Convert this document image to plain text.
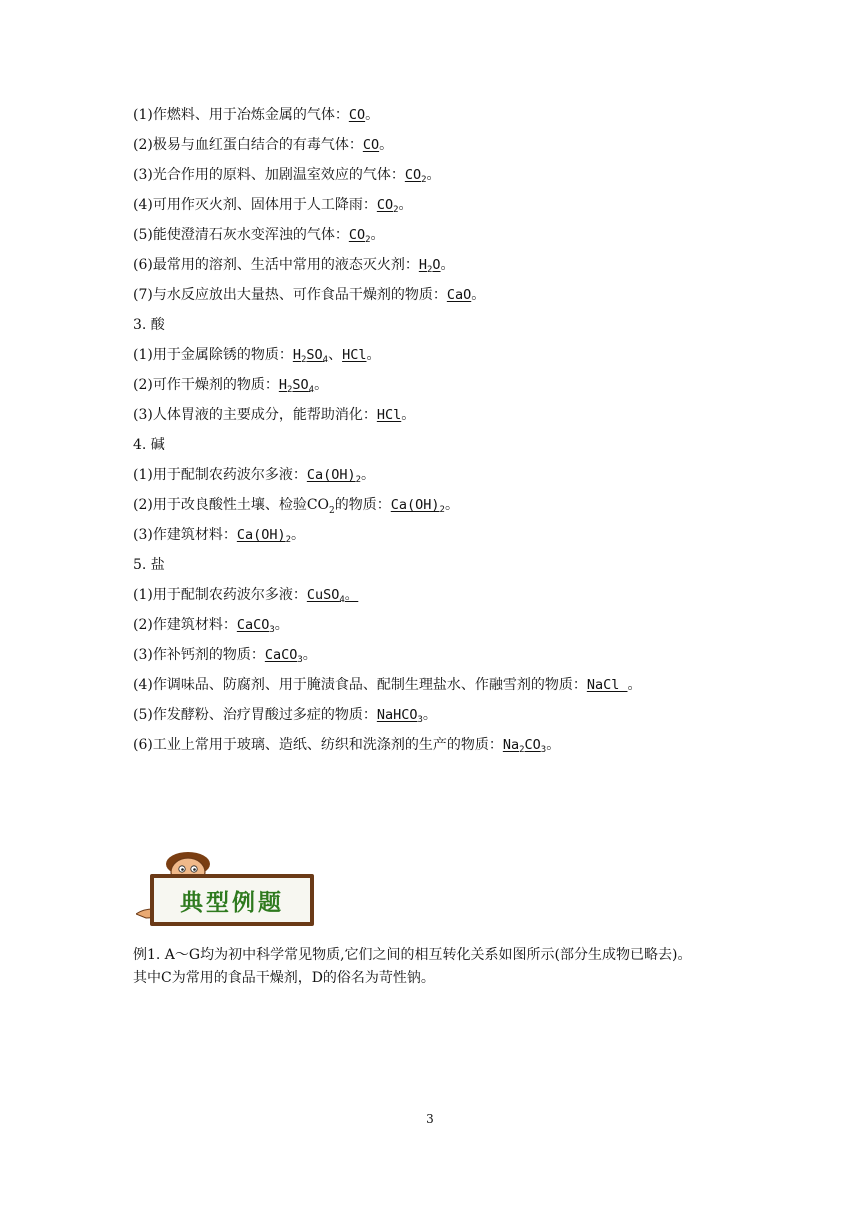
(1)作燃料、用于冶炼金属的气体：CO。
(2)极易与血红蛋白结合的有毒气体：CO。
(3)光合作用的原料、加剧温室效应的气体：$CO_2$。
(4)可用作灭火剂、固体用于人工降雨：$CO_2$。
(5)能使澄清石灰水变浑浊的气体：$CO_2$。
(6)最常用的溶剂、生活中常用的液态灭火剂：$H_2O$。
(7)与水反应放出大量热、可作食品干燥剂的物质：CaO。
3. 酸
(1)用于金属除锈的物质：$H_2SO_4$、HCl。
(2)可作干燥剂的物质：$H_2SO_4$。
(3)人体胃液的主要成分，能帮助消化：HCl。
4. 碱
(1)用于配制农药波尔多液：$Ca(OH)_2$。
(2)用于改良酸性土壤、检验$CO_2$的物质：$Ca(OH)_2$。
(3)作建筑材料：$Ca(OH)_2$。
5. 盐
(1)用于配制农药波尔多液：CuSO$_4$。
(2)作建筑材料：CaCO$_3$。
(3)作补钙剂的物质：CaCO$_3$。
(4)作调味品、防腐剂、用于腌渍食品、配制生理盐水、作融雪剂的物质：NaCl 。
(5)作发酵粉、治疗胃酸过多症的物质：NaHCO$_3$。
(6)工业上常用于玻璃、造纸、纺织和洗涤剂的生产的物质：$Na_2CO_3$。
典型例题
例1. A～G均为初中科学常见物质,它们之间的相互转化关系如图所示(部分生成物已略去)。
其中C为常用的食品干燥剂，D的俗名为苛性钠。
3
